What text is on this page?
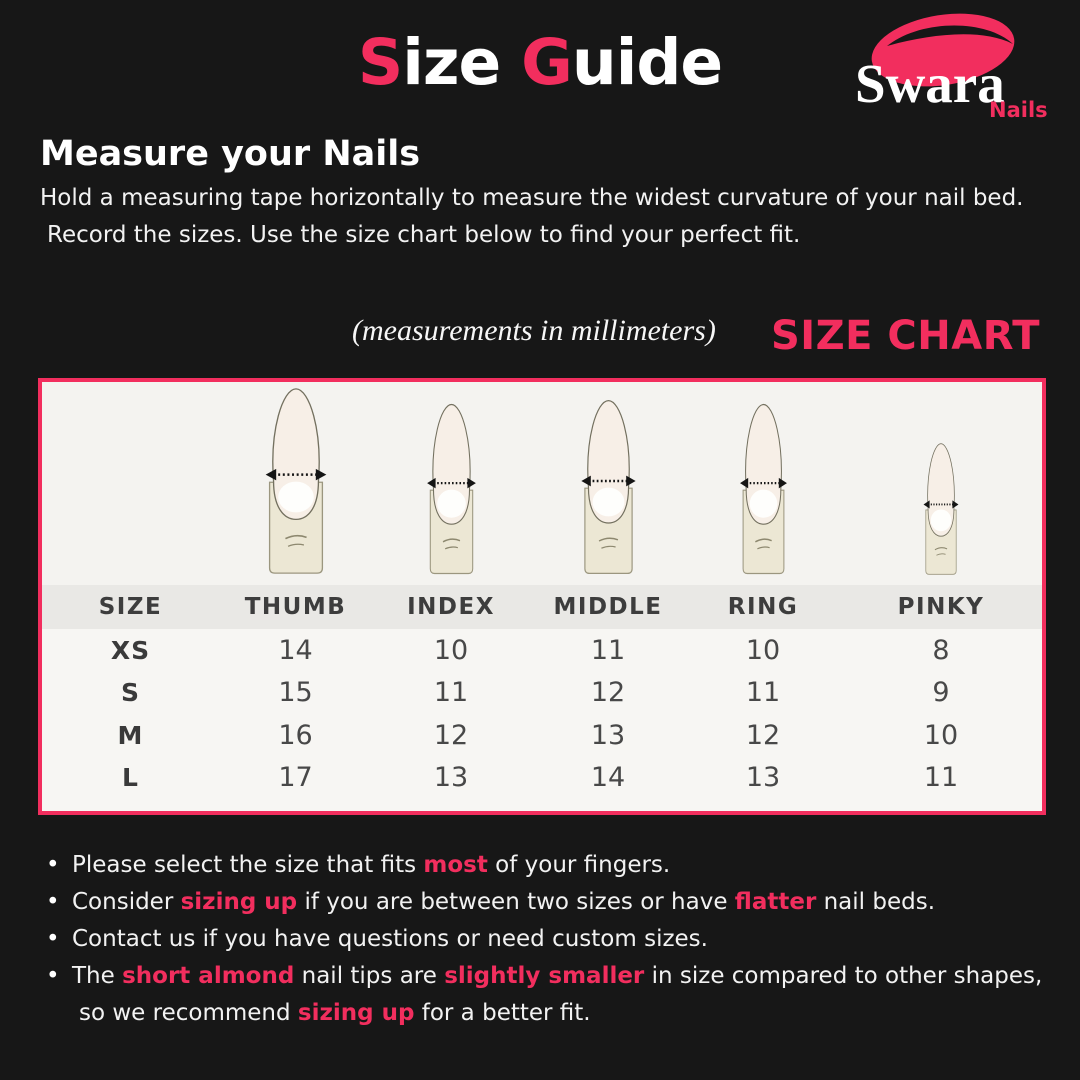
Size Guide	Swara
Nails
Measure your Nails
Hold a measuring tape horizontally to measure the widest curvature of your nail bed.
Record the sizes. Use the size chart below to find your perfect fit.
(measurements in millimeters) SIZE CHART
SIZE	THUMB	INDEX	MIDDLE	RING	PINKY
XS	14	10	11	10	8
S	15	11	12	11	9
M	16	12	13	12	10
L	17	13	14	13	11
• Please select the size that fits most of your fingers.
• Consider sizing up if you are between two sizes or have flatter nail beds.
• Contact us if you have questions or need custom sizes.
• The short almond nail tips are slightly smaller in size compared to other shapes,
so we recommend sizing up for a better fit.
